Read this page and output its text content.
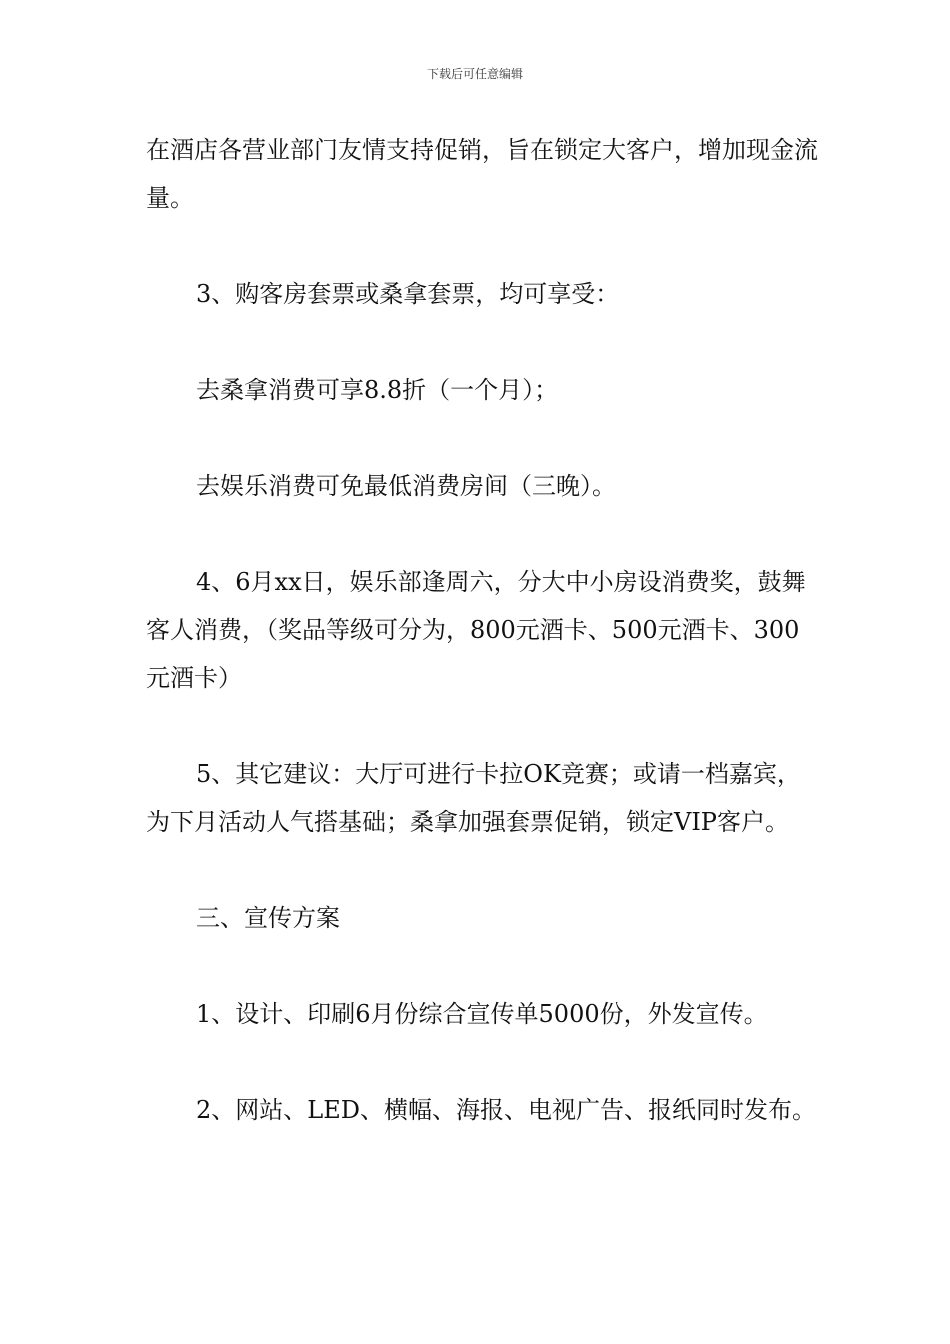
下载后可任意编辑

在酒店各营业部门友情支持促销，旨在锁定大客户，增加现金流量。

3、购客房套票或桑拿套票，均可享受：

去桑拿消费可享8.8折（一个月）；

去娱乐消费可免最低消费房间（三晚）。

4、6月xx日，娱乐部逢周六，分大中小房设消费奖，鼓舞客人消费，（奖品等级可分为，800元酒卡、500元酒卡、300元酒卡）

5、其它建议：大厅可进行卡拉OK竞赛；或请一档嘉宾，为下月活动人气搭基础；桑拿加强套票促销，锁定VIP客户。

三、宣传方案

1、设计、印刷6月份综合宣传单5000份，外发宣传。

2、网站、LED、横幅、海报、电视广告、报纸同时发布。
